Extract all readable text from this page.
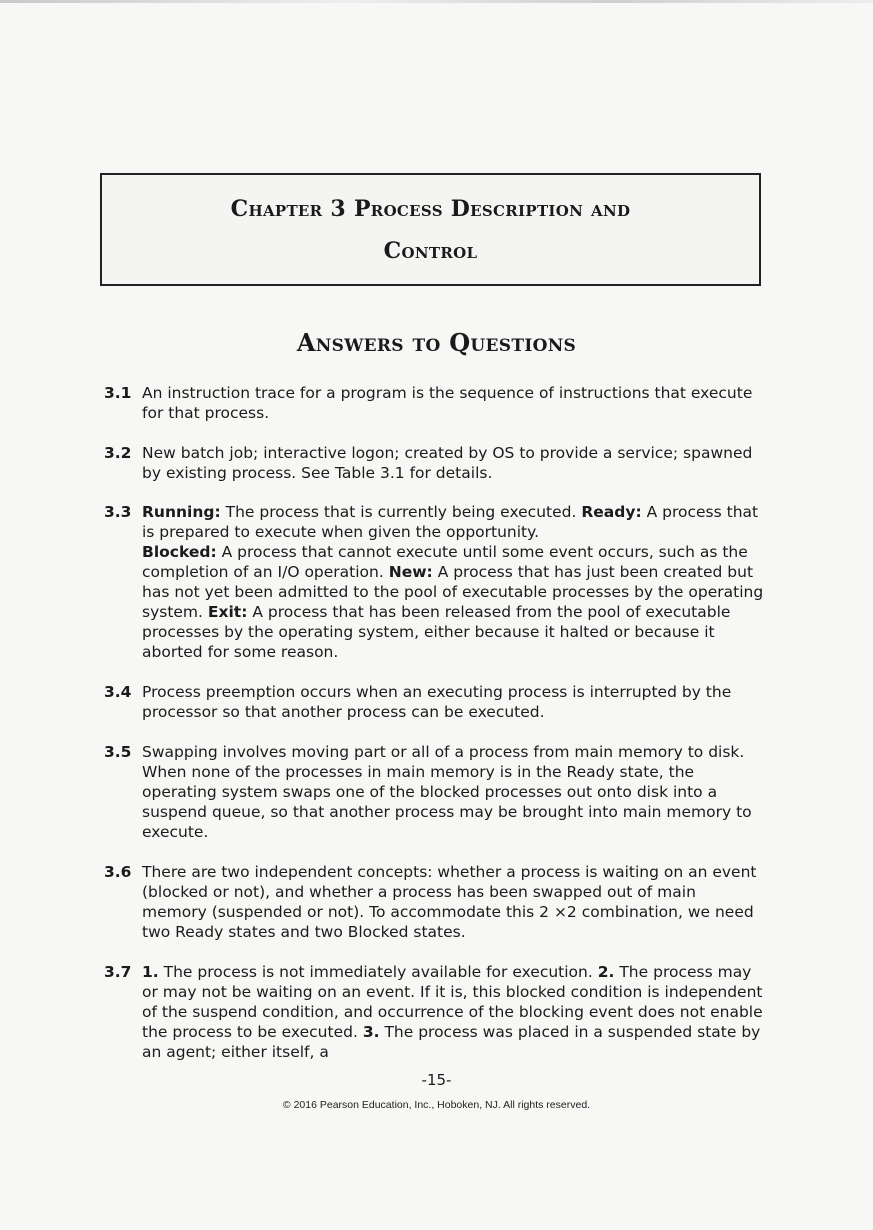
Chapter 3 Process Description and
Control
Answers to Questions
3.1 An instruction trace for a program is the sequence of instructions that execute for that process.

3.2 New batch job; interactive logon; created by OS to provide a service; spawned by existing process. See Table 3.1 for details.

3.3 Running: The process that is currently being executed. Ready: A process that is prepared to execute when given the opportunity.
Blocked: A process that cannot execute until some event occurs, such as the completion of an I/O operation. New: A process that has just been created but has not yet been admitted to the pool of executable processes by the operating system. Exit: A process that has been released from the pool of executable processes by the operating system, either because it halted or because it aborted for some reason.

3.4 Process preemption occurs when an executing process is interrupted by the processor so that another process can be executed.

3.5 Swapping involves moving part or all of a process from main memory to disk. When none of the processes in main memory is in the Ready state, the operating system swaps one of the blocked processes out onto disk into a suspend queue, so that another process may be brought into main memory to execute.

3.6 There are two independent concepts: whether a process is waiting on an event (blocked or not), and whether a process has been swapped out of main memory (suspended or not). To accommodate this 2 ×2 combination, we need two Ready states and two Blocked states.

3.7 1. The process is not immediately available for execution. 2. The process may or may not be waiting on an event. If it is, this blocked condition is independent of the suspend condition, and occurrence of the blocking event does not enable the process to be executed. 3. The process was placed in a suspended state by an agent; either itself, a

-15-
© 2016 Pearson Education, Inc., Hoboken, NJ. All rights reserved.
